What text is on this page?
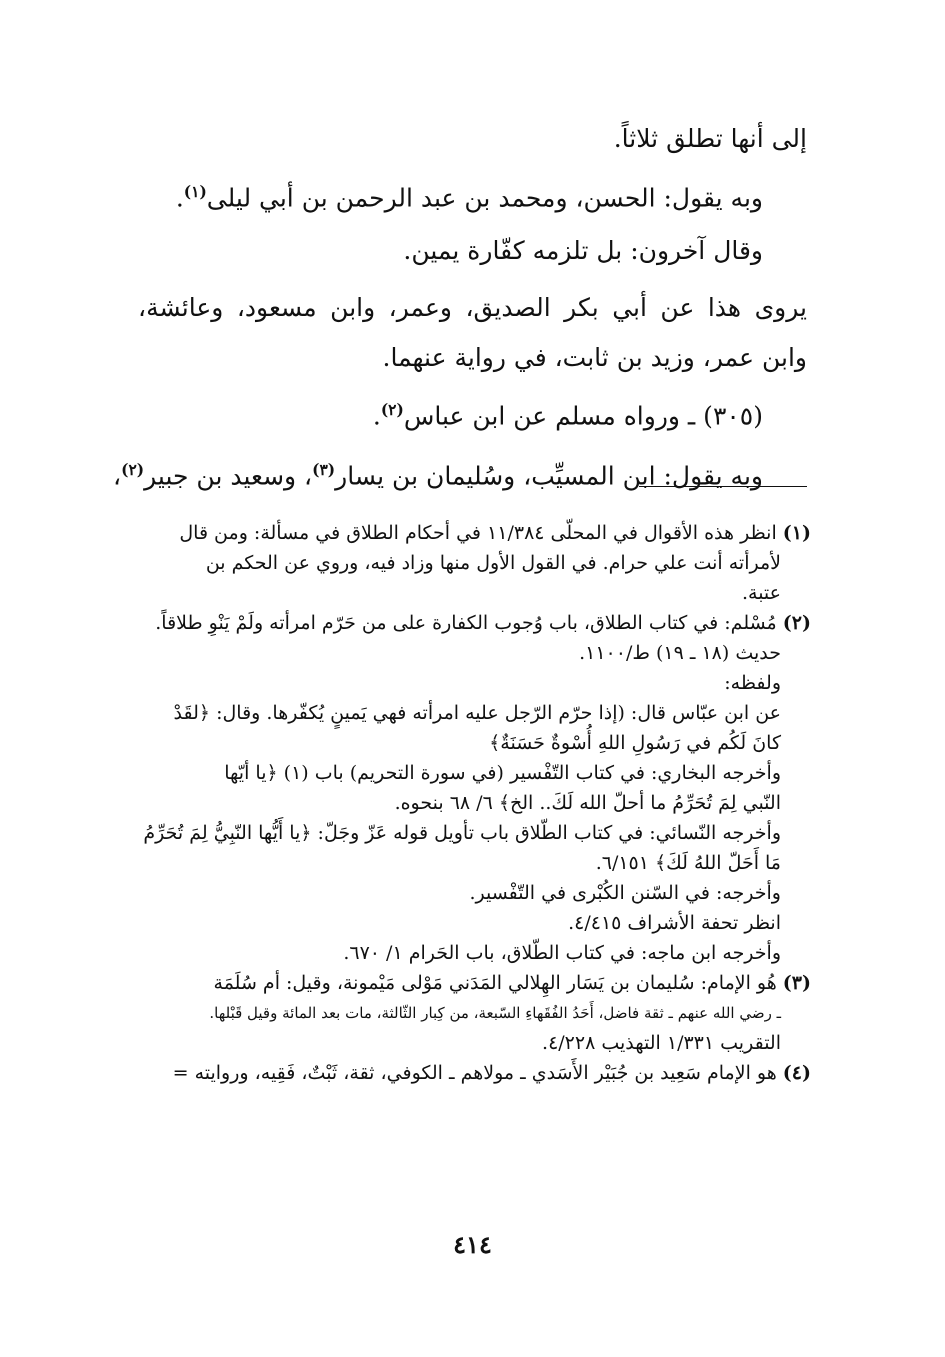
إلى أنها تطلق ثلاثاً.

وبه يقول: الحسن، ومحمد بن عبد الرحمن بن أبي ليلى$^{(١)}$.

وقال آخرون: بل تلزمه كفّارة يمين.

يروى هذا عن أبي بكر الصديق، وعمر، وابن مسعود، وعائشة، وابن عمر، وزيد بن ثابت، في رواية عنهما.

(٣٠٥) ـ ورواه مسلم عن ابن عباس$^{(٢)}$.

وبه يقول: ابن المسيِّب، وسُليمان بن يسار$^{(٣)}$، وسعيد بن جبير$^{(٢)}$،

(١) انظر هذه الأقوال في المحلّى ١١/٣٨٤ في أحكام الطلاق في مسألة: ومن قال

لأمرأته أنت علي حرام. في القول الأول منها وزاد فيه، وروي عن الحكم بن

عتبة.

(٢) مُسْلم: في كتاب الطلاق، باب وُجوب الكفارة على من حَرّم امرأته ولَمْ يَنْوِ طلاقاً.

حديث (١٨ ـ ١٩) ط/١١٠٠.

ولفظه:

عن ابن عبّاس قال: (إذا حرّم الرّجل عليه امرأته فهي يَمينٍ يُكفّرها. وقال: ﴿لقَدْ

كانَ لَكُم في رَسُولِ اللهِ أُسْوةٌ حَسَنَةٌ﴾

وأخرجه البخاري: في كتاب التّفْسير (في سورة التحريم) باب (١) ﴿يا أيّها

النّبي لِمَ تُحَرِّمُ ما أحلّ الله لَكَ.. الخ﴾ ٦/ ٦٨ بنحوه.

وأخرجه النّسائي: في كتاب الطّلاق باب تأويل قوله عَزّ وجَلّ: ﴿يا أَيُّها النّبِيُّ لِمَ تُحَرِّمُ

مَا أَحَلّ اللهُ لَكَ﴾ ٦/١٥١.

وأخرجه: في السّنن الكُبْرى في التّفْسير.

انظر تحفة الأشراف ٤/٤١٥.

وأخرجه ابن ماجه: في كتاب الطّلاق، باب الحَرام ١/ ٦٧٠.

(٣) هُو الإمام: سُليمان بن يَسَار الهِلالي المَدَني مَوْلى مَيْمونة، وقيل: أم سُلَمَة

ـ رضي الله عنهم ـ ثقة فاضل، أَحَدُ الفُقَهاءِ السّبعة، من كِبار الثّالثة، مات بعد المائة وقيل قَبْلها.

التقريب ١/٣٣١ التهذيب ٤/٢٢٨.

(٤) هو الإمام سَعِيد بن جُبَيْر الأَسَدي ـ مولاهم ـ الكوفي، ثقة، ثَبْتٌ، فَقِيه، وروايته =

٤١٤
